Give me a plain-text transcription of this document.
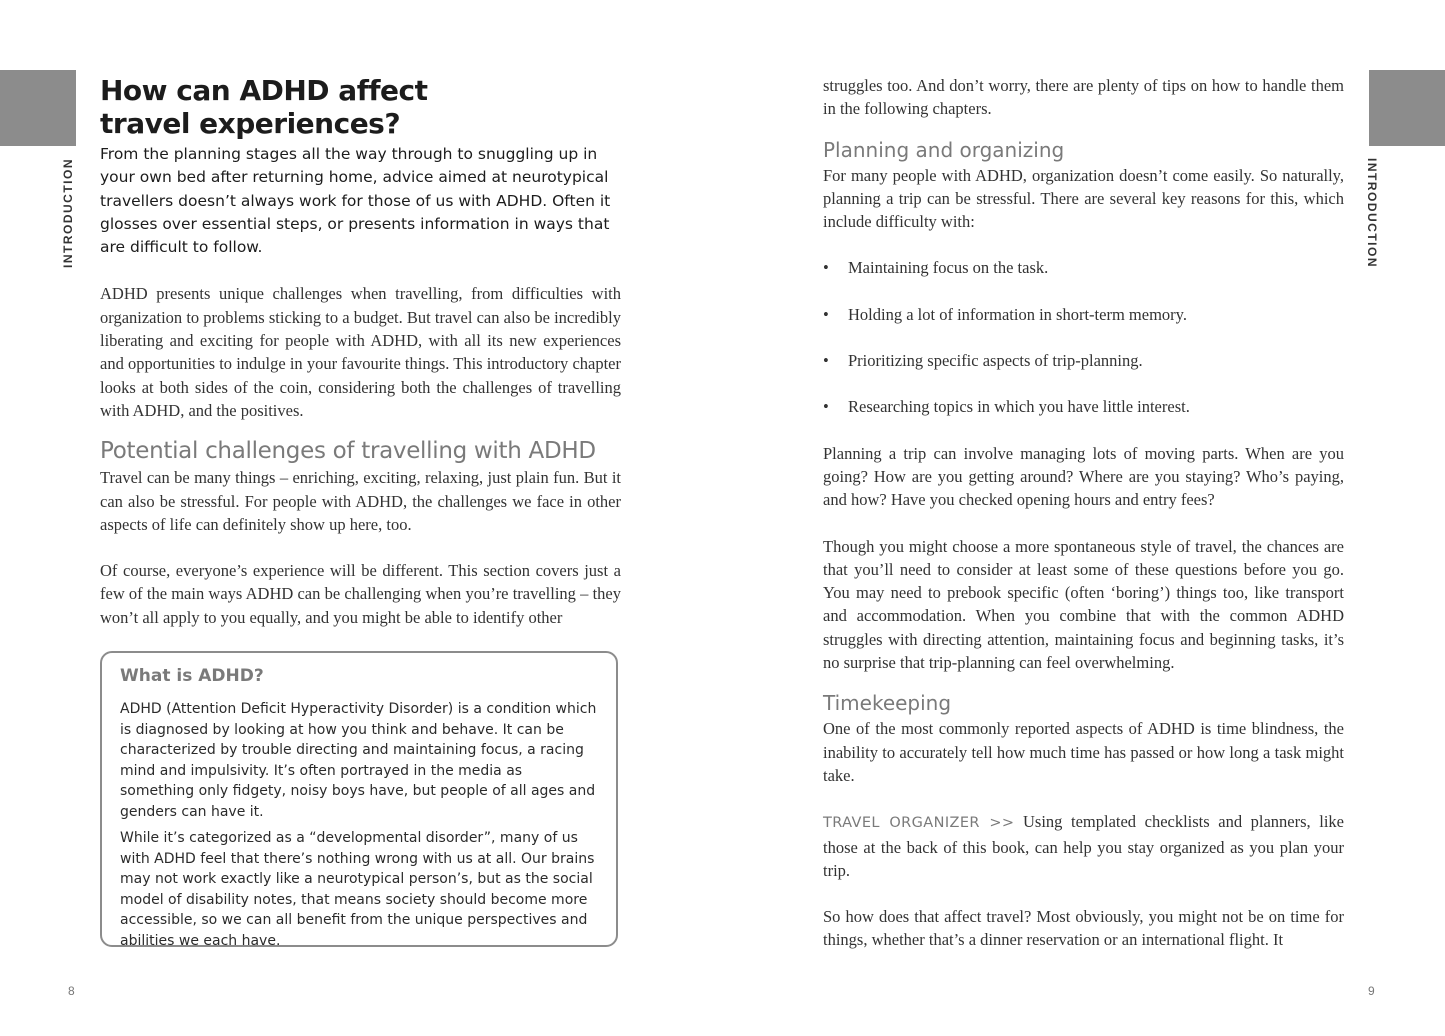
INTRODUCTION
How can ADHD affect
travel experiences?

From the planning stages all the way through to snuggling up in your own bed after returning home, advice aimed at neurotypical travellers doesn’t always work for those of us with ADHD. Often it glosses over essential steps, or presents information in ways that are difficult to follow.

ADHD presents unique challenges when travelling, from difficulties with organization to problems sticking to a budget. But travel can also be incredibly liberating and exciting for people with ADHD, with all its new experiences and opportunities to indulge in your favourite things. This introductory chapter looks at both sides of the coin, considering both the challenges of travelling with ADHD, and the positives.

Potential challenges of travelling with ADHD

Travel can be many things – enriching, exciting, relaxing, just plain fun. But it can also be stressful. For people with ADHD, the challenges we face in other aspects of life can definitely show up here, too.

Of course, everyone’s experience will be different. This section covers just a few of the main ways ADHD can be challenging when you’re travelling – they won’t all apply to you equally, and you might be able to identify other

What is ADHD?

ADHD (Attention Deficit Hyperactivity Disorder) is a condition which is diagnosed by looking at how you think and behave. It can be characterized by trouble directing and maintaining focus, a racing mind and impulsivity. It’s often portrayed in the media as something only fidgety, noisy boys have, but people of all ages and genders can have it.

While it’s categorized as a “developmental disorder”, many of us with ADHD feel that there’s nothing wrong with us at all. Our brains may not work exactly like a neurotypical person’s, but as the social model of disability notes, that means society should become more accessible, so we can all benefit from the unique perspectives and abilities we each have.

8
INTRODUCTION

struggles too. And don’t worry, there are plenty of tips on how to handle them in the following chapters.

Planning and organizing

For many people with ADHD, organization doesn’t come easily. So naturally, planning a trip can be stressful. There are several key reasons for this, which include difficulty with:

• Maintaining focus on the task.
• Holding a lot of information in short-term memory.
• Prioritizing specific aspects of trip-planning.
• Researching topics in which you have little interest.

Planning a trip can involve managing lots of moving parts. When are you going? How are you getting around? Where are you staying? Who’s paying, and how? Have you checked opening hours and entry fees?

Though you might choose a more spontaneous style of travel, the chances are that you’ll need to consider at least some of these questions before you go. You may need to prebook specific (often ‘boring’) things too, like transport and accommodation. When you combine that with the common ADHD struggles with directing attention, maintaining focus and beginning tasks, it’s no surprise that trip-planning can feel overwhelming.

Timekeeping

One of the most commonly reported aspects of ADHD is time blindness, the inability to accurately tell how much time has passed or how long a task might take.

TRAVEL ORGANIZER >> Using templated checklists and planners, like those at the back of this book, can help you stay organized as you plan your trip.

So how does that affect travel? Most obviously, you might not be on time for things, whether that’s a dinner reservation or an international flight. It

9
